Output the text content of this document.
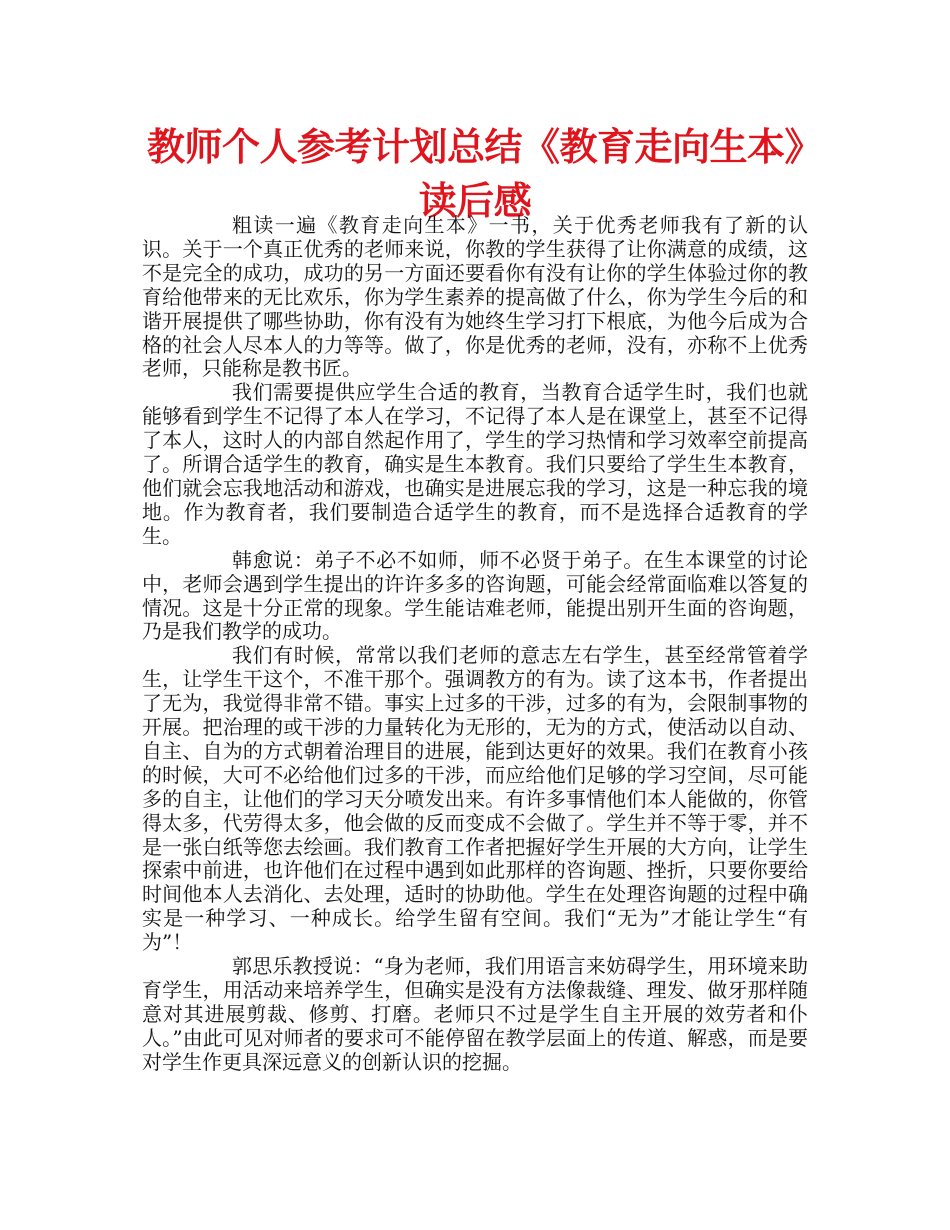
教师个人参考计划总结《教育走向生本》读后感

粗读一遍《教育走向生本》一书，关于优秀老师我有了新的认识。关于一个真正优秀的老师来说，你教的学生获得了让你满意的成绩，这不是完全的成功，成功的另一方面还要看你有没有让你的学生体验过你的教育给他带来的无比欢乐，你为学生素养的提高做了什么，你为学生今后的和谐开展提供了哪些协助，你有没有为她终生学习打下根底，为他今后成为合格的社会人尽本人的力等等。做了，你是优秀的老师，没有，亦称不上优秀老师，只能称是教书匠。

我们需要提供应学生合适的教育，当教育合适学生时，我们也就能够看到学生不记得了本人在学习，不记得了本人是在课堂上，甚至不记得了本人，这时人的内部自然起作用了，学生的学习热情和学习效率空前提高了。所谓合适学生的教育，确实是生本教育。我们只要给了学生生本教育，他们就会忘我地活动和游戏，也确实是进展忘我的学习，这是一种忘我的境地。作为教育者，我们要制造合适学生的教育，而不是选择合适教育的学生。

韩愈说：弟子不必不如师，师不必贤于弟子。在生本课堂的讨论中，老师会遇到学生提出的许许多多的咨询题，可能会经常面临难以答复的情况。这是十分正常的现象。学生能诘难老师，能提出别开生面的咨询题，乃是我们教学的成功。

我们有时候，常常以我们老师的意志左右学生，甚至经常管着学生，让学生干这个，不准干那个。强调教方的有为。读了这本书，作者提出了无为，我觉得非常不错。事实上过多的干涉，过多的有为，会限制事物的开展。把治理的或干涉的力量转化为无形的，无为的方式，使活动以自动、自主、自为的方式朝着治理目的进展，能到达更好的效果。我们在教育小孩的时候，大可不必给他们过多的干涉，而应给他们足够的学习空间，尽可能多的自主，让他们的学习天分喷发出来。有许多事情他们本人能做的，你管得太多，代劳得太多，他会做的反而变成不会做了。学生并不等于零，并不是一张白纸等您去绘画。我们教育工作者把握好学生开展的大方向，让学生探索中前进，也许他们在过程中遇到如此那样的咨询题、挫折，只要你要给时间他本人去消化、去处理，适时的协助他。学生在处理咨询题的过程中确实是一种学习、一种成长。给学生留有空间。我们“无为”才能让学生“有为”！

郭思乐教授说：“身为老师，我们用语言来妨碍学生，用环境来助育学生，用活动来培养学生，但确实是没有方法像裁缝、理发、做牙那样随意对其进展剪裁、修剪、打磨。老师只不过是学生自主开展的效劳者和仆人。”由此可见对师者的要求可不能停留在教学层面上的传道、解惑，而是要对学生作更具深远意义的创新认识的挖掘。
